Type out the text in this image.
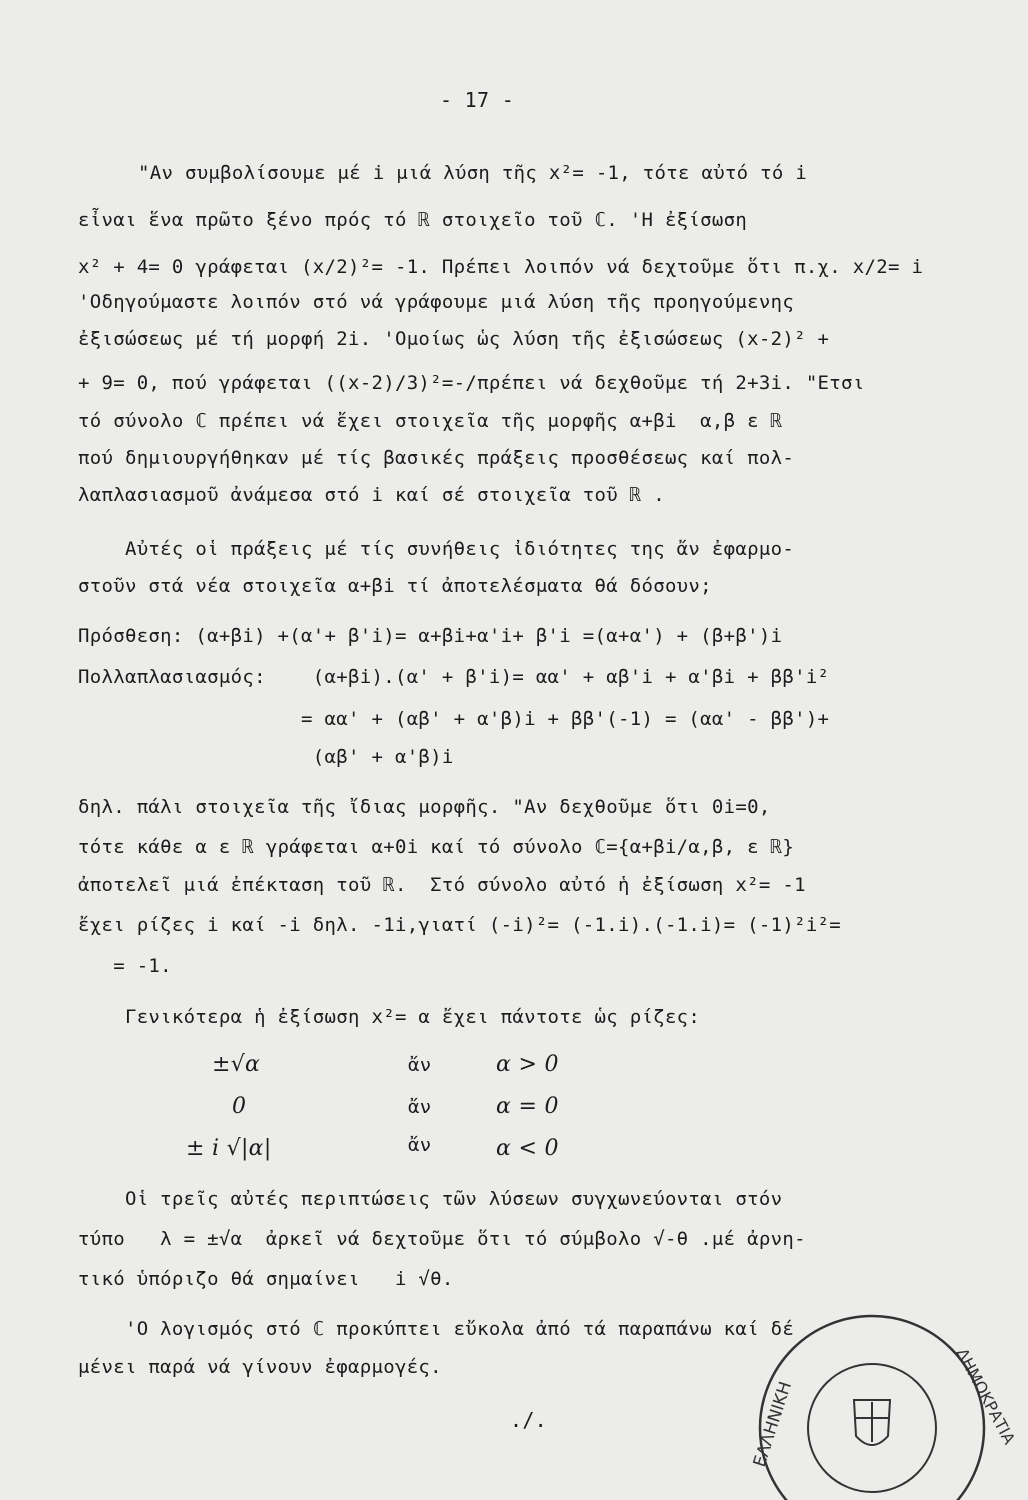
- 17 -
"Αν συμβολίσουμε μέ i μιά λύση τῆς x²= -1, τότε αὐτό τό i
εἶναι ἕνα πρῶτο ξένο πρός τό ℝ στοιχεῖο τοῦ ℂ. 'Η ἐξίσωση
x² + 4= 0 γράφεται (x/2)²= -1. Πρέπει λοιπόν νά δεχτοῦμε ὅτι π.χ. x/2= i
'Οδηγούμαστε λοιπόν στό νά γράφουμε μιά λύση τῆς προηγούμενης
ἐξισώσεως μέ τή μορφή 2i. 'Ομοίως ὡς λύση τῆς ἐξισώσεως (x-2)² +
+ 9= 0, πού γράφεται ((x-2)/3)²=-/πρέπει νά δεχθοῦμε τή 2+3i. "Ετσι
τό σύνολο ℂ πρέπει νά ἔχει στοιχεῖα τῆς μορφῆς α+βi  α,β ε ℝ
πού δημιουργήθηκαν μέ τίς βασικές πράξεις προσθέσεως καί πολ-
λαπλασιασμοῦ ἀνάμεσα στό i καί σέ στοιχεῖα τοῦ ℝ .
Αὐτές οἱ πράξεις μέ τίς συνήθεις ἰδιότητες της ἄν ἐφαρμο-
στοῦν στά νέα στοιχεῖα α+βi τί ἀποτελέσματα θά δόσουν;
Πρόσθεση: (α+βi) +(α'+ β'i)= α+βi+α'i+ β'i =(α+α') + (β+β')i
Πολλαπλασιασμός:    (α+βi).(α' + β'i)= αα' + αβ'i + α'βi + ββ'i²
= αα' + (αβ' + α'β)i + ββ'(-1) = (αα' - ββ')+
(αβ' + α'β)i
δηλ. πάλι στοιχεῖα τῆς ἴδιας μορφῆς. "Αν δεχθοῦμε ὅτι 0i=0,
τότε κάθε α ε ℝ γράφεται α+0i καί τό σύνολο ℂ={α+βi/α,β, ε ℝ}
ἀποτελεῖ μιά ἐπέκταση τοῦ ℝ.  Στό σύνολο αὐτό ἡ ἐξίσωση x²= -1
ἔχει ρίζες i καί -i δηλ. -1i,γιατί (-i)²= (-1.i).(-1.i)= (-1)²i²=
= -1.
Γενικότερα ἡ ἐξίσωση x²= α ἔχει πάντοτε ὡς ρίζες:
±√α	ἄν	α > 0
0	ἄν	α = 0
± i √|α|	ἄν	α < 0
Οἱ τρεῖς αὐτές περιπτώσεις τῶν λύσεων συγχωνεύονται στόν
τύπο   λ = ±√α  ἀρκεῖ νά δεχτοῦμε ὅτι τό σύμβολο √-θ .μέ ἀρνη-
τικό ὑπόριζο θά σημαίνει   i √θ.
'Ο λογισμός στό ℂ προκύπτει εὔκολα ἀπό τά παραπάνω καί δέ
μένει παρά νά γίνουν ἐφαρμογές.
./.	ΕΛΛΗΝΙΚΗ	ΔΗΜΟΚΡΑΤΙΑ
